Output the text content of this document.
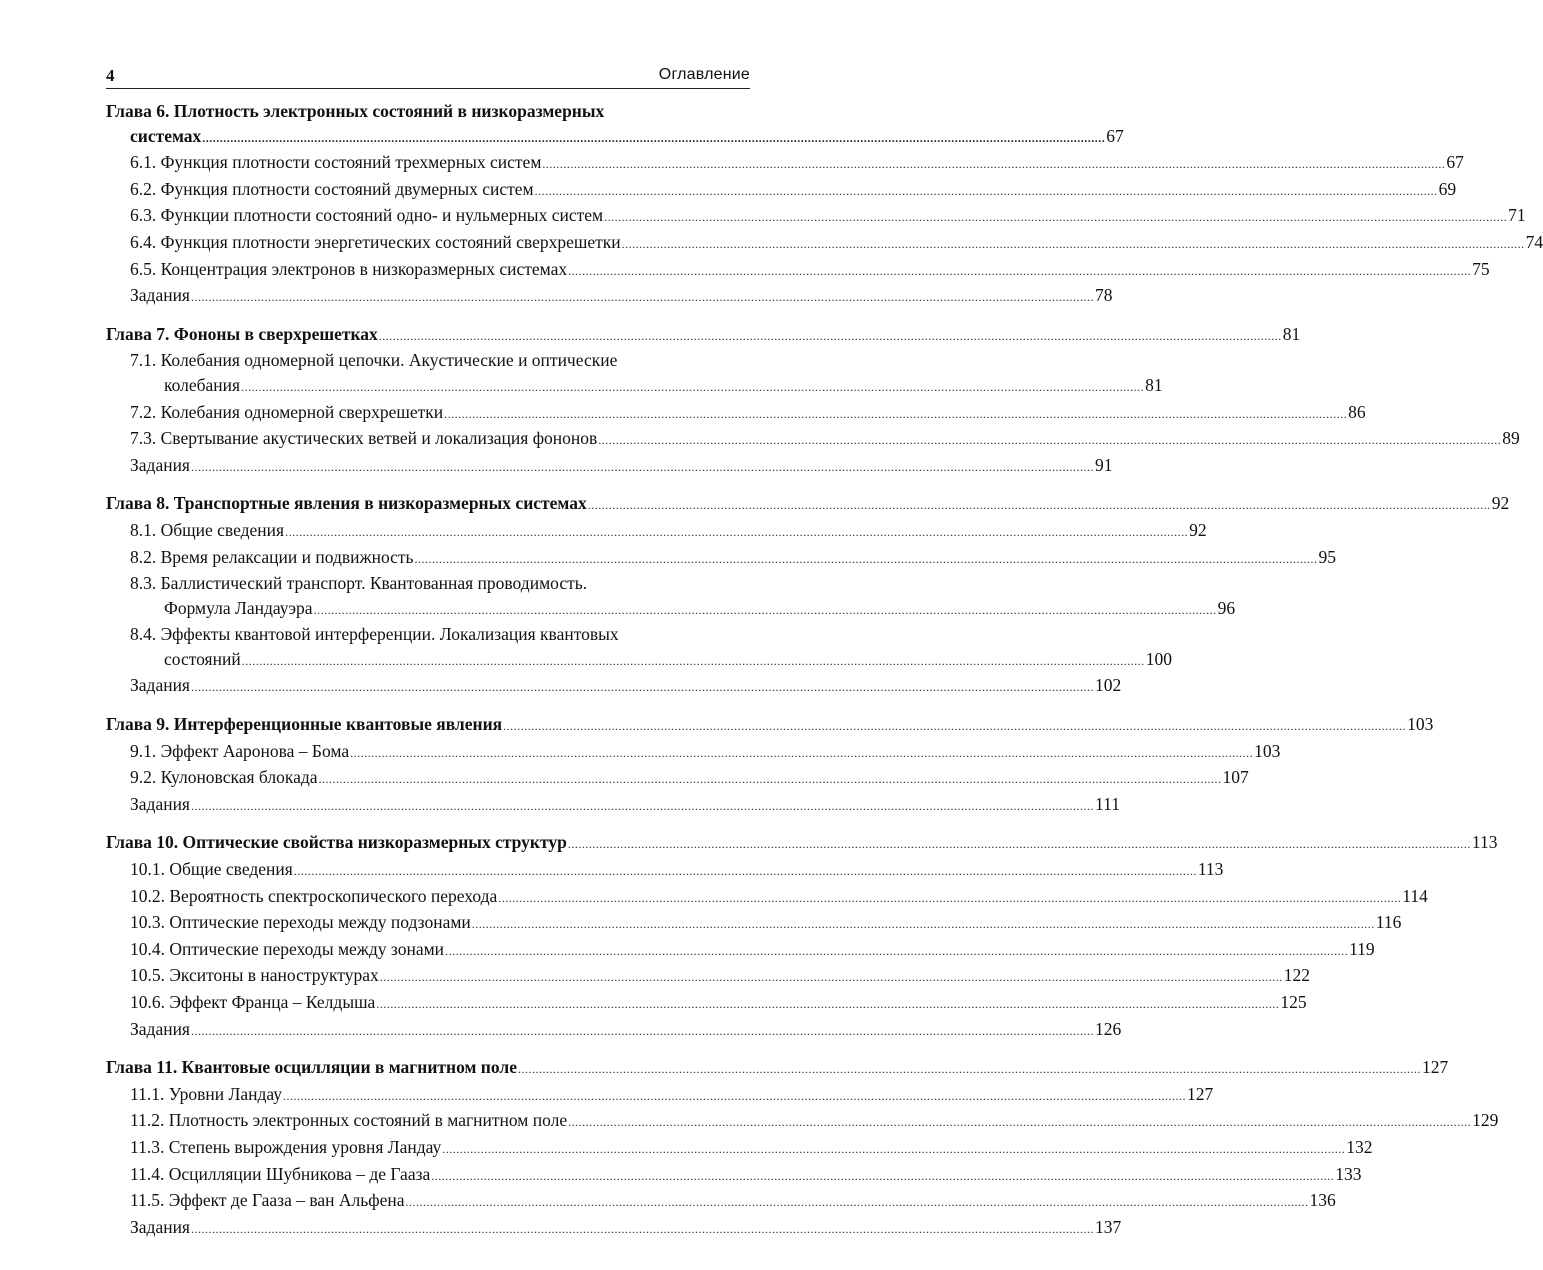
4	Оглавление
Глава 6. Плотность электронных состояний в низкоразмерных
системах .................................................................................................................................................................................................................................................................. 67
6.1. Функция плотности состояний трехмерных систем .................................................................................................................................................................................................................................................................. 67
6.2. Функция плотности состояний двумерных систем .................................................................................................................................................................................................................................................................. 69
6.3. Функции плотности состояний одно- и нульмерных систем .................................................................................................................................................................................................................................................................. 71
6.4. Функция плотности энергетических состояний сверхрешетки .................................................................................................................................................................................................................................................................. 74
6.5. Концентрация электронов в низкоразмерных системах .................................................................................................................................................................................................................................................................. 75
Задания .................................................................................................................................................................................................................................................................. 78
Глава 7. Фононы в сверхрешетках .................................................................................................................................................................................................................................................................. 81
7.1. Колебания одномерной цепочки. Акустические и оптические
колебания .................................................................................................................................................................................................................................................................. 81
7.2. Колебания одномерной сверхрешетки .................................................................................................................................................................................................................................................................. 86
7.3. Свертывание акустических ветвей и локализация фононов .................................................................................................................................................................................................................................................................. 89
Задания .................................................................................................................................................................................................................................................................. 91
Глава 8. Транспортные явления в низкоразмерных системах .................................................................................................................................................................................................................................................................. 92
8.1. Общие сведения .................................................................................................................................................................................................................................................................. 92
8.2. Время релаксации и подвижность .................................................................................................................................................................................................................................................................. 95
8.3. Баллистический транспорт. Квантованная проводимость.
Формула Ландауэра .................................................................................................................................................................................................................................................................. 96
8.4. Эффекты квантовой интерференции. Локализация квантовых
состояний .................................................................................................................................................................................................................................................................. 100
Задания .................................................................................................................................................................................................................................................................. 102
Глава 9. Интерференционные квантовые явления .................................................................................................................................................................................................................................................................. 103
9.1. Эффект Ааронова – Бома .................................................................................................................................................................................................................................................................. 103
9.2. Кулоновская блокада .................................................................................................................................................................................................................................................................. 107
Задания .................................................................................................................................................................................................................................................................. 111
Глава 10. Оптические свойства низкоразмерных структур .................................................................................................................................................................................................................................................................. 113
10.1. Общие сведения .................................................................................................................................................................................................................................................................. 113
10.2. Вероятность спектроскопического перехода .................................................................................................................................................................................................................................................................. 114
10.3. Оптические переходы между подзонами .................................................................................................................................................................................................................................................................. 116
10.4. Оптические переходы между зонами .................................................................................................................................................................................................................................................................. 119
10.5. Экситоны в наноструктурах .................................................................................................................................................................................................................................................................. 122
10.6. Эффект Франца – Келдыша .................................................................................................................................................................................................................................................................. 125
Задания .................................................................................................................................................................................................................................................................. 126
Глава 11. Квантовые осцилляции в магнитном поле .................................................................................................................................................................................................................................................................. 127
11.1. Уровни Ландау .................................................................................................................................................................................................................................................................. 127
11.2. Плотность электронных состояний в магнитном поле .................................................................................................................................................................................................................................................................. 129
11.3. Степень вырождения уровня Ландау .................................................................................................................................................................................................................................................................. 132
11.4. Осцилляции Шубникова – де Гааза .................................................................................................................................................................................................................................................................. 133
11.5. Эффект де Гааза – ван Альфена .................................................................................................................................................................................................................................................................. 136
Задания .................................................................................................................................................................................................................................................................. 137
